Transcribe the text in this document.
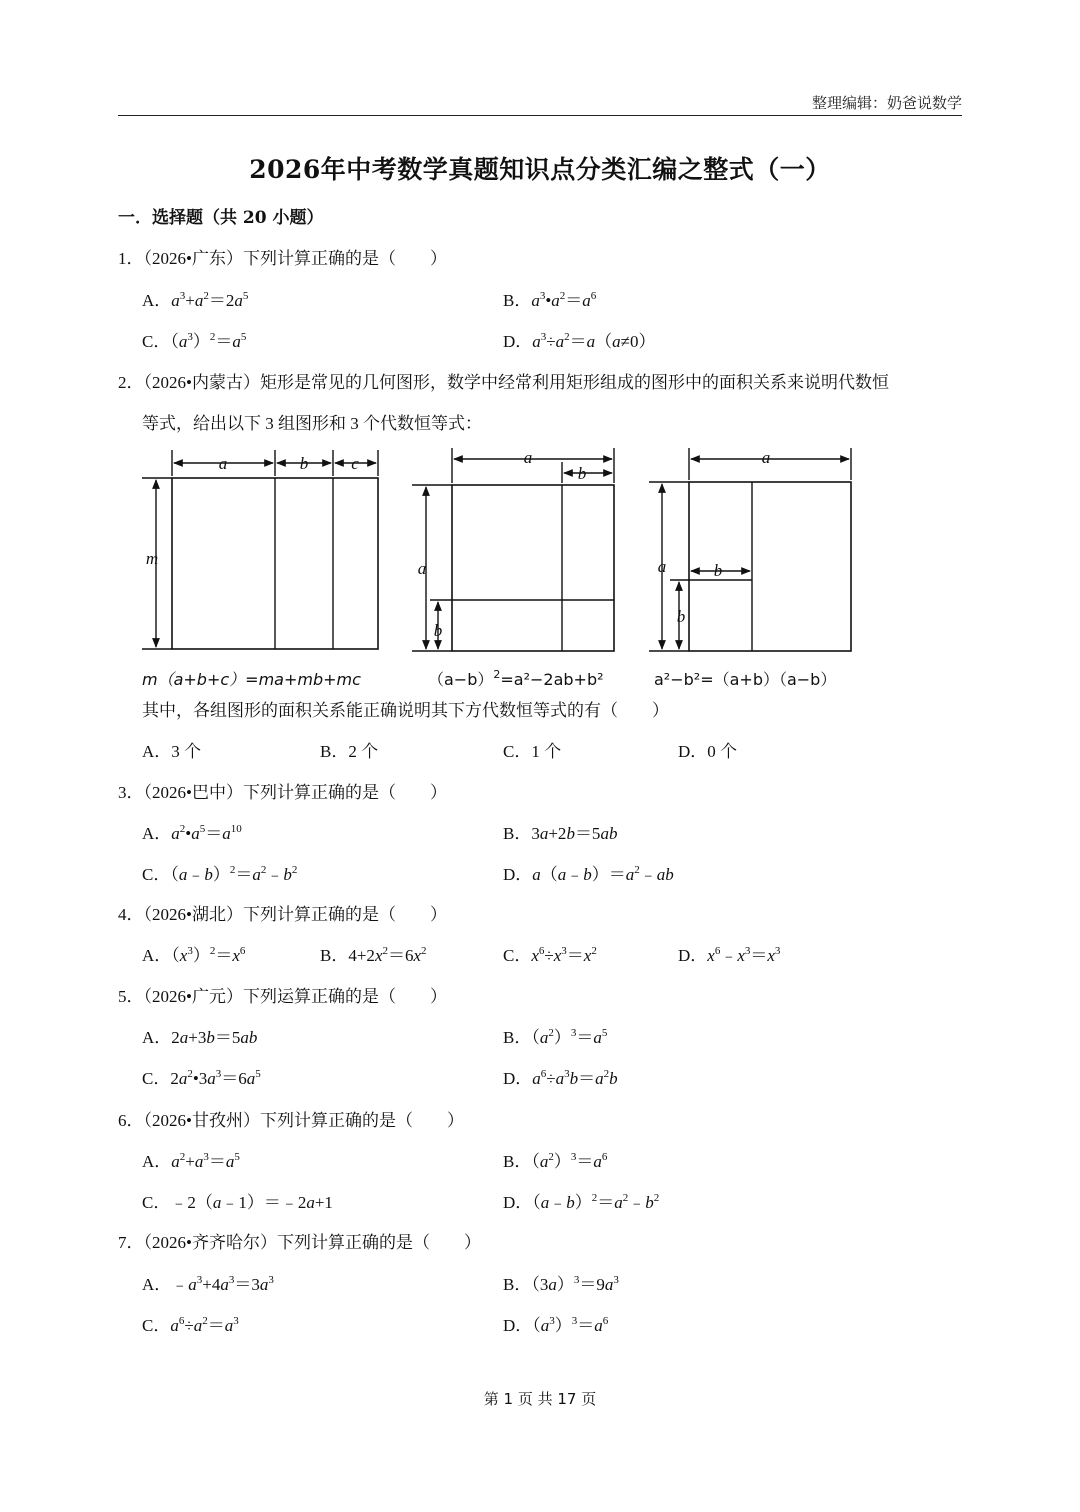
整理编辑：奶爸说数学
2026年中考数学真题知识点分类汇编之整式（一）
一．选择题（共 20 小题）
1．（2026•广东）下列计算正确的是（　　）
A．$a^3+a^2=2a^5$	B．$a^3•a^2=a^6$
C．$(a^3)^2=a^5$	D．$a^3\div a^2=a(a\ne 0)$
2．（2026•内蒙古）矩形是常见的几何图形，数学中经常利用矩形组成的图形中的面积关系来说明代数恒
等式，给出以下 3 组图形和 3 个代数恒等式：
a	b	c
m
a
b
a
b
a
b
a
b
m（a+b+c）=ma+mb+mc	$(a-b)^2=a^2-2ab+b^2$	a²−b²=（a+b）（a−b）
其中，各组图形的面积关系能正确说明其下方代数恒等式的有（　　）
A．3 个	B．2 个	C．1 个	D．0 个
3．（2026•巴中）下列计算正确的是（　　）
A．$a^2•a^5=a^{10}$	B．3a+2b＝5ab
C．$(a﹣b)^2=a^2﹣b^2$	D．$a(a﹣b)=a^2﹣ab$
4．（2026•湖北）下列计算正确的是（　　）
A．$(x^3)^2=x^6$	B．$4+2x^2=6x^2$	C．$x^6\div x^3=x^2$	D．$x^6﹣x^3=x^3$
5．（2026•广元）下列运算正确的是（　　）
A．2a+3b＝5ab	B．$(a^2)^3=a^5$
C．$2a^2•3a^3=6a^5$	D．$a^6\div a^3b=a^2b$
6．（2026•甘孜州）下列计算正确的是（　　）
A．$a^2+a^3=a^5$	B．$(a^2)^3=a^6$
C．﹣2（a﹣1）＝﹣2a+1	D．$(a﹣b)^2=a^2﹣b^2$
7．（2026•齐齐哈尔）下列计算正确的是（　　）
A．$﹣a^3+4a^3=3a^3$	B．$(3a)^3=9a^3$
C．$a^6\div a^2=a^3$	D．$(a^3)^3=a^6$
第 1 页 共 17 页
